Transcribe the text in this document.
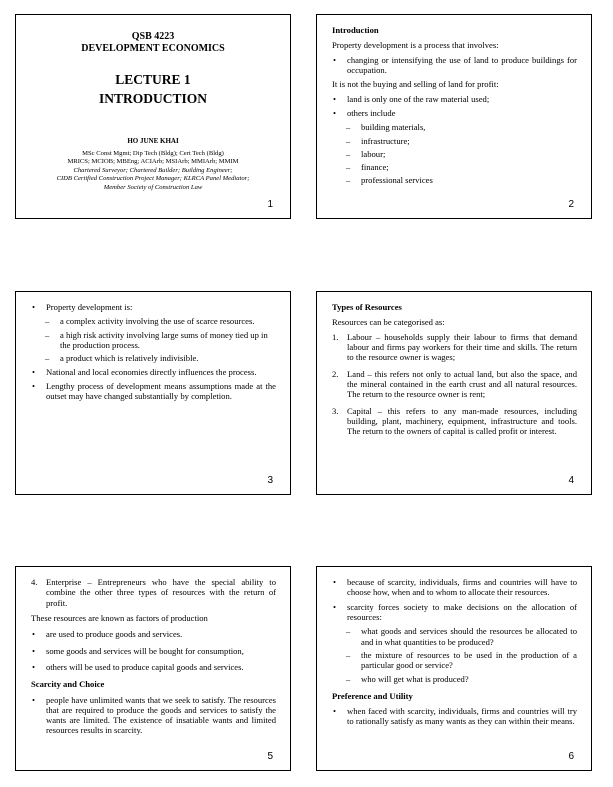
QSB 4223
DEVELOPMENT ECONOMICS
LECTURE 1
INTRODUCTION
HO JUNE KHAI
MSc Const Mgmt; Dip Tech (Bldg); Cert Tech (Bldg)
MRICS; MCIOB; MBEng; ACIArb; MSIArb; MMIArb; MMIM
Chartered Surveyor; Chartered Builder; Building Engineer;
CIDB Certified Construction Project Manager; KLRCA Panel Mediator;
Member Society of Construction Law
1
Introduction
Property development is a process that involves:
• changing or intensifying the use of land to produce buildings for occupation.
It is not the buying and selling of land for profit:
• land is only one of the raw material used;
• others include
– building materials,
– infrastructure;
– labour;
– finance;
– professional services
2
• Property development is:
– a complex activity involving the use of scarce resources.
– a high risk activity involving large sums of money tied up in the production process.
– a product which is relatively indivisible.
• National and local economies directly influences the process.
• Lengthy process of development means assumptions made at the outset may have changed substantially by completion.
3
Types of Resources
Resources can be categorised as:
1. Labour – households supply their labour to firms that demand labour and firms pay workers for their time and skills. The return to the resource owner is wages;
2. Land – this refers not only to actual land, but also the space, and the mineral contained in the earth crust and all natural resources. The return to the resource owner is rent;
3. Capital – this refers to any man-made resources, including building, plant, machinery, equipment, infrastructure and tools. The return to the owners of capital is called profit or interest.
4
4. Enterprise – Entrepreneurs who have the special ability to combine the other three types of resources with the return of profit.
These resources are known as factors of production
• are used to produce goods and services.
• some goods and services will be bought for consumption,
• others will be used to produce capital goods and services.
Scarcity and Choice
• people have unlimited wants that we seek to satisfy. The resources that are required to produce the goods and services to satisfy the wants are limited. The existence of insatiable wants and limited resources results in scarcity.
5
• because of scarcity, individuals, firms and countries will have to choose how, when and to whom to allocate their resources.
• scarcity forces society to make decisions on the allocation of resources:
– what goods and services should the resources be allocated to and in what quantities to be produced?
– the mixture of resources to be used in the production of a particular good or service?
– who will get what is produced?
Preference and Utility
• when faced with scarcity, individuals, firms and countries will try to rationally satisfy as many wants as they can within their means.
6
